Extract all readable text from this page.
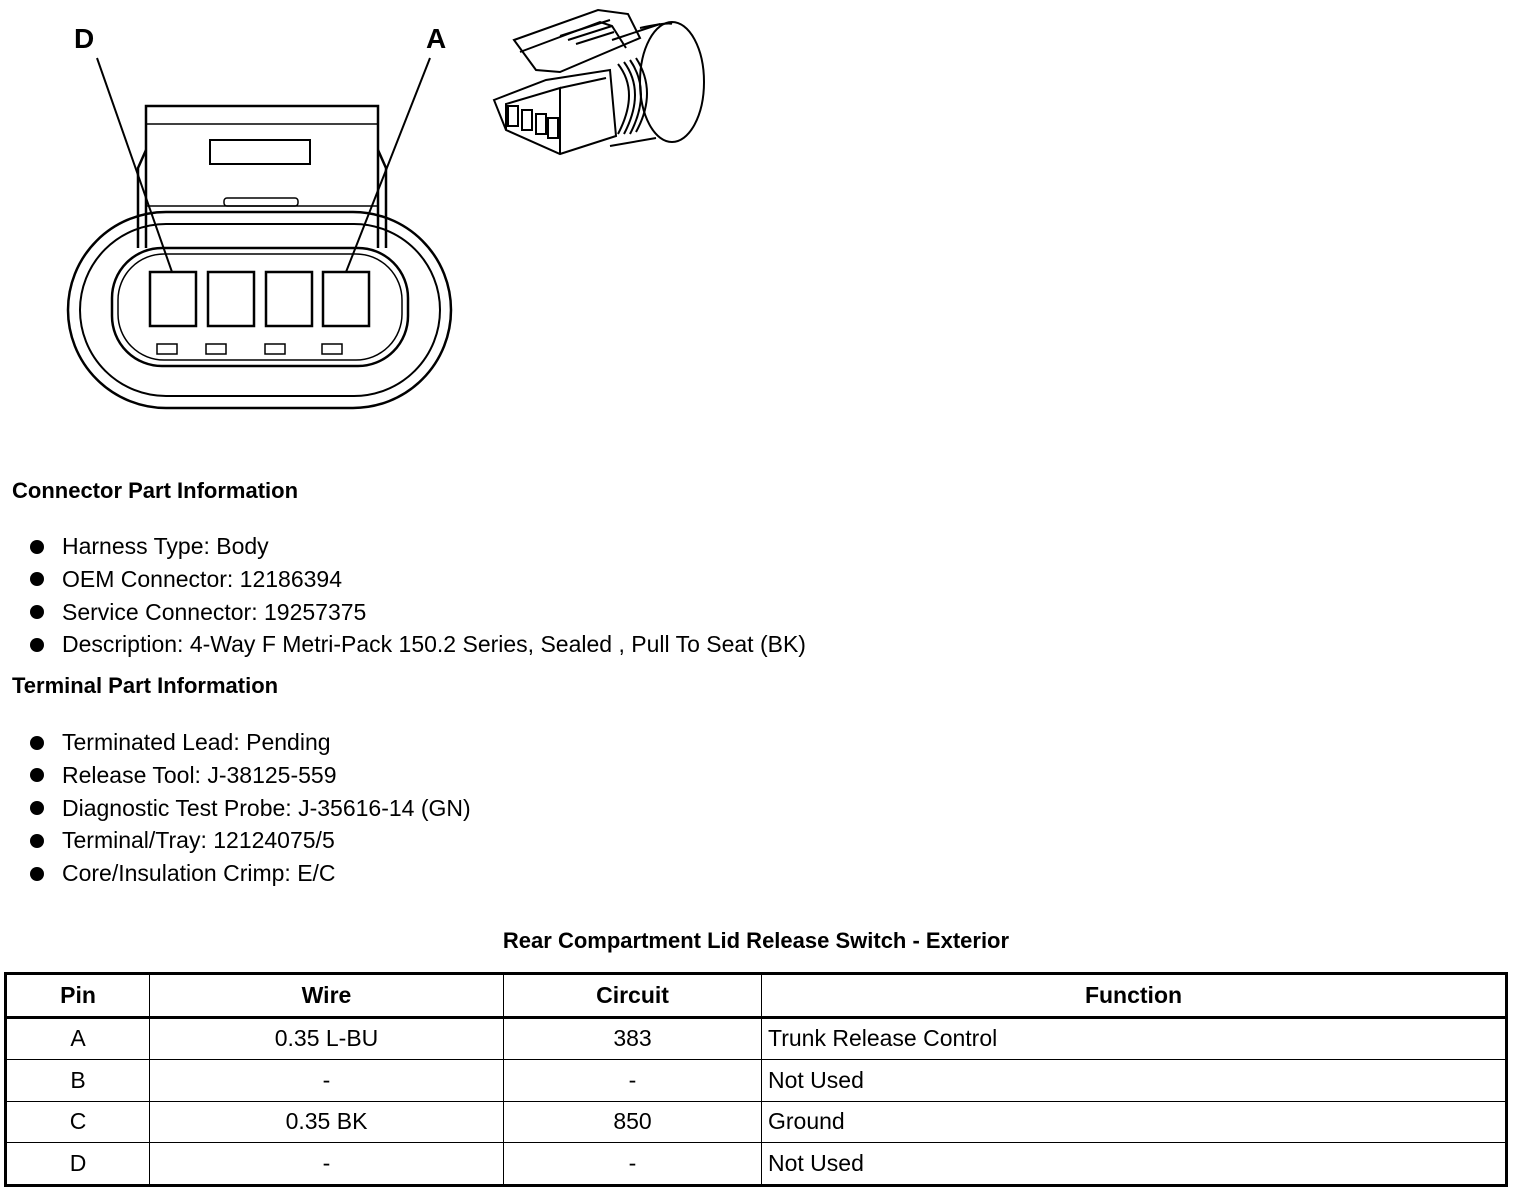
D	A
Connector Part Information
Harness Type: Body
OEM Connector: 12186394
Service Connector: 19257375
Description: 4-Way F Metri-Pack 150.2 Series, Sealed , Pull To Seat (BK)
Terminal Part Information
Terminated Lead: Pending
Release Tool: J-38125-559
Diagnostic Test Probe: J-35616-14 (GN)
Terminal/Tray: 12124075/5
Core/Insulation Crimp: E/C

Rear Compartment Lid Release Switch - Exterior

Pin	Wire	Circuit	Function
A	0.35 L-BU	383	Trunk Release Control
B	-	-	Not Used
C	0.35 BK	850	Ground
D	-	-	Not Used
